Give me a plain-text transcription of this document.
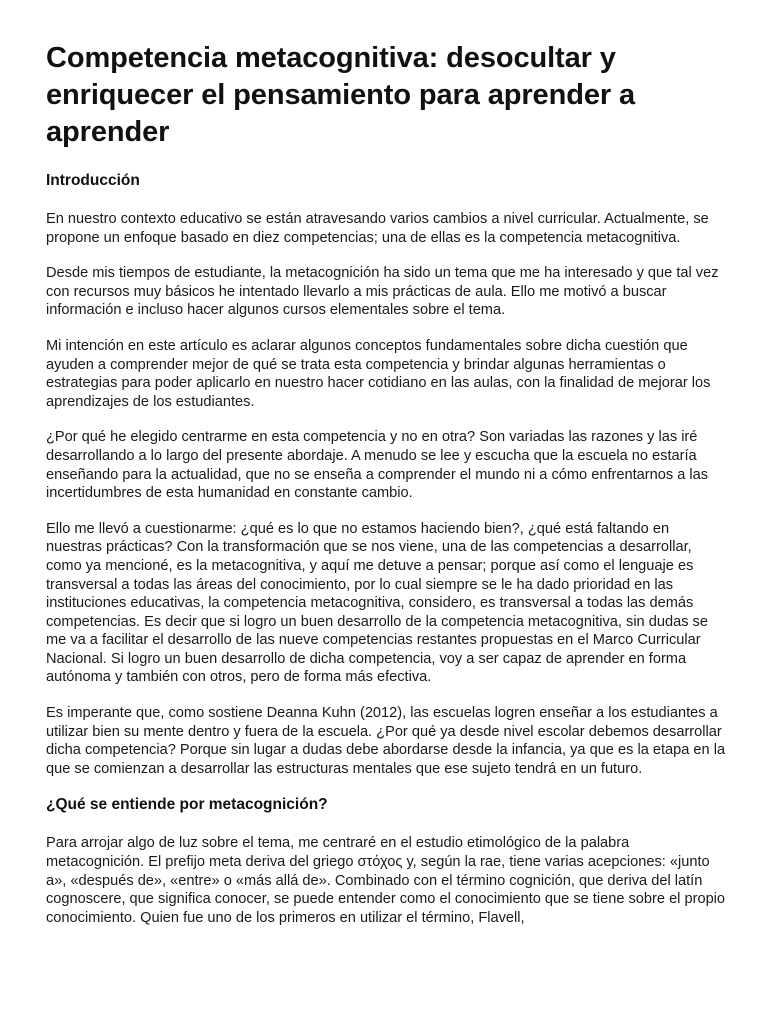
Competencia metacognitiva: desocultar y enriquecer el pensamiento para aprender a aprender
Introducción

En nuestro contexto educativo se están atravesando varios cambios a nivel curricular. Actualmente, se propone un enfoque basado en diez competencias; una de ellas es la competencia metacognitiva.

Desde mis tiempos de estudiante, la metacognición ha sido un tema que me ha interesado y que tal vez con recursos muy básicos he intentado llevarlo a mis prácticas de aula. Ello me motivó a buscar información e incluso hacer algunos cursos elementales sobre el tema.

Mi intención en este artículo es aclarar algunos conceptos fundamentales sobre dicha cuestión que ayuden a comprender mejor de qué se trata esta competencia y brindar algunas herramientas o estrategias para poder aplicarlo en nuestro hacer cotidiano en las aulas, con la finalidad de mejorar los aprendizajes de los estudiantes.

¿Por qué he elegido centrarme en esta competencia y no en otra? Son variadas las razones y las iré desarrollando a lo largo del presente abordaje. A menudo se lee y escucha que la escuela no estaría enseñando para la actualidad, que no se enseña a comprender el mundo ni a cómo enfrentarnos a las incertidumbres de esta humanidad en constante cambio.

Ello me llevó a cuestionarme: ¿qué es lo que no estamos haciendo bien?, ¿qué está faltando en nuestras prácticas? Con la transformación que se nos viene, una de las competencias a desarrollar, como ya mencioné, es la metacognitiva, y aquí me detuve a pensar; porque así como el lenguaje es transversal a todas las áreas del conocimiento, por lo cual siempre se le ha dado prioridad en las instituciones educativas, la competencia metacognitiva, considero, es transversal a todas las demás competencias. Es decir que si logro un buen desarrollo de la competencia metacognitiva, sin dudas se me va a facilitar el desarrollo de las nueve competencias restantes propuestas en el Marco Curricular Nacional. Si logro un buen desarrollo de dicha competencia, voy a ser capaz de aprender en forma autónoma y también con otros, pero de forma más efectiva.

Es imperante que, como sostiene Deanna Kuhn (2012), las escuelas logren enseñar a los estudiantes a utilizar bien su mente dentro y fuera de la escuela. ¿Por qué ya desde nivel escolar debemos desarrollar dicha competencia? Porque sin lugar a dudas debe abordarse desde la infancia, ya que es la etapa en la que se comienzan a desarrollar las estructuras mentales que ese sujeto tendrá en un futuro.

¿Qué se entiende por metacognición?

Para arrojar algo de luz sobre el tema, me centraré en el estudio etimológico de la palabra metacognición. El prefijo meta deriva del griego στόχος y, según la rae, tiene varias acepciones: «junto a», «después de», «entre» o «más allá de». Combinado con el término cognición, que deriva del latín cognoscere, que significa conocer, se puede entender como el conocimiento que se tiene sobre el propio conocimiento. Quien fue uno de los primeros en utilizar el término, Flavell,
